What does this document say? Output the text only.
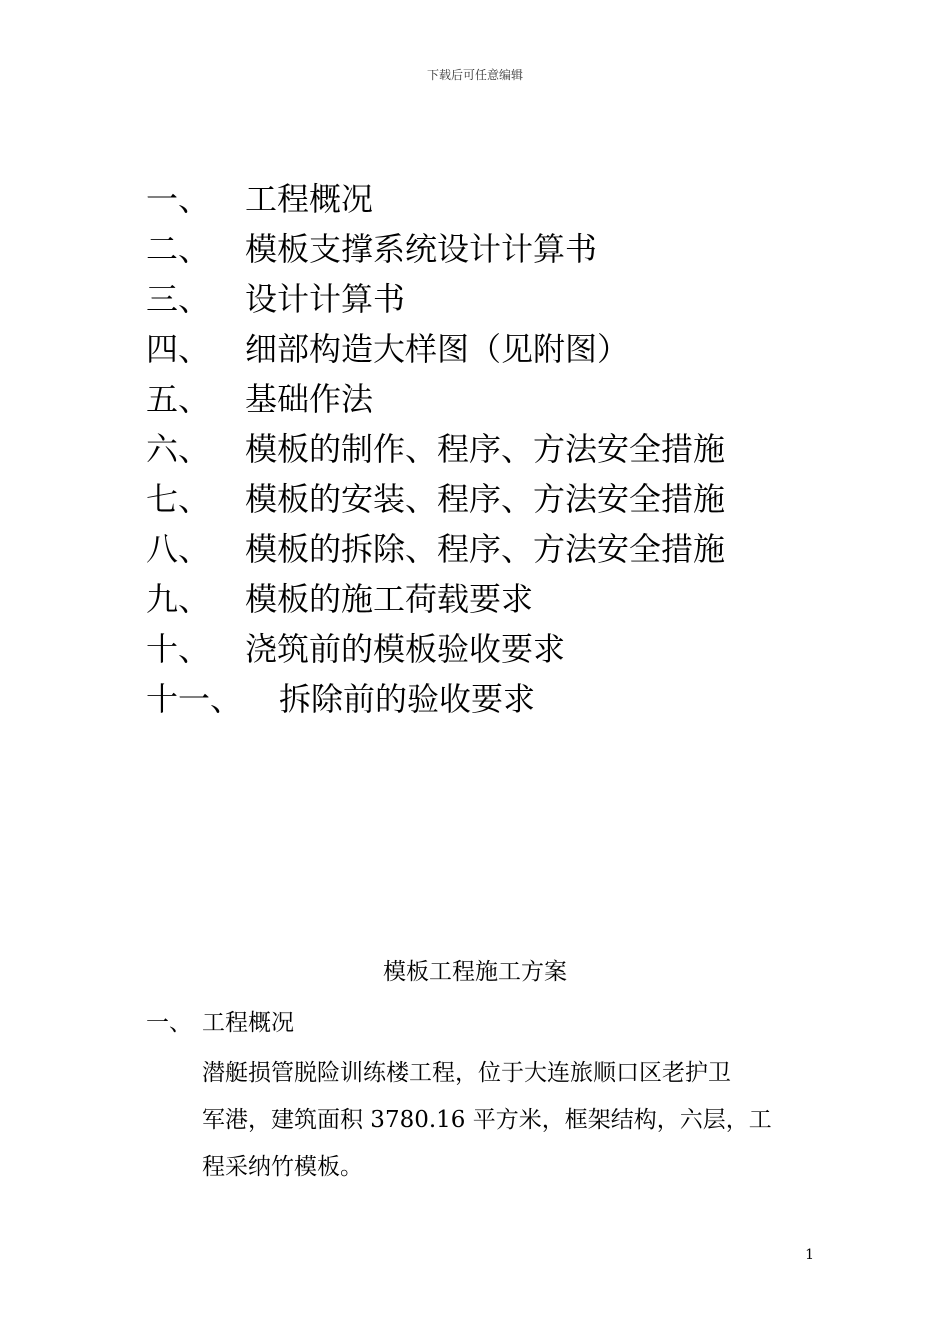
下载后可任意编辑
一、 工程概况
二、 模板支撑系统设计计算书
三、 设计计算书
四、 细部构造大样图（见附图）
五、 基础作法
六、 模板的制作、程序、方法安全措施
七、 模板的安装、程序、方法安全措施
八、 模板的拆除、程序、方法安全措施
九、 模板的施工荷载要求
十、 浇筑前的模板验收要求
十一、 拆除前的验收要求
模板工程施工方案
一、 工程概况
潜艇损管脱险训练楼工程，位于大连旅顺口区老护卫
军港，建筑面积 3780.16 平方米，框架结构，六层，工
程采纳竹模板。
1
